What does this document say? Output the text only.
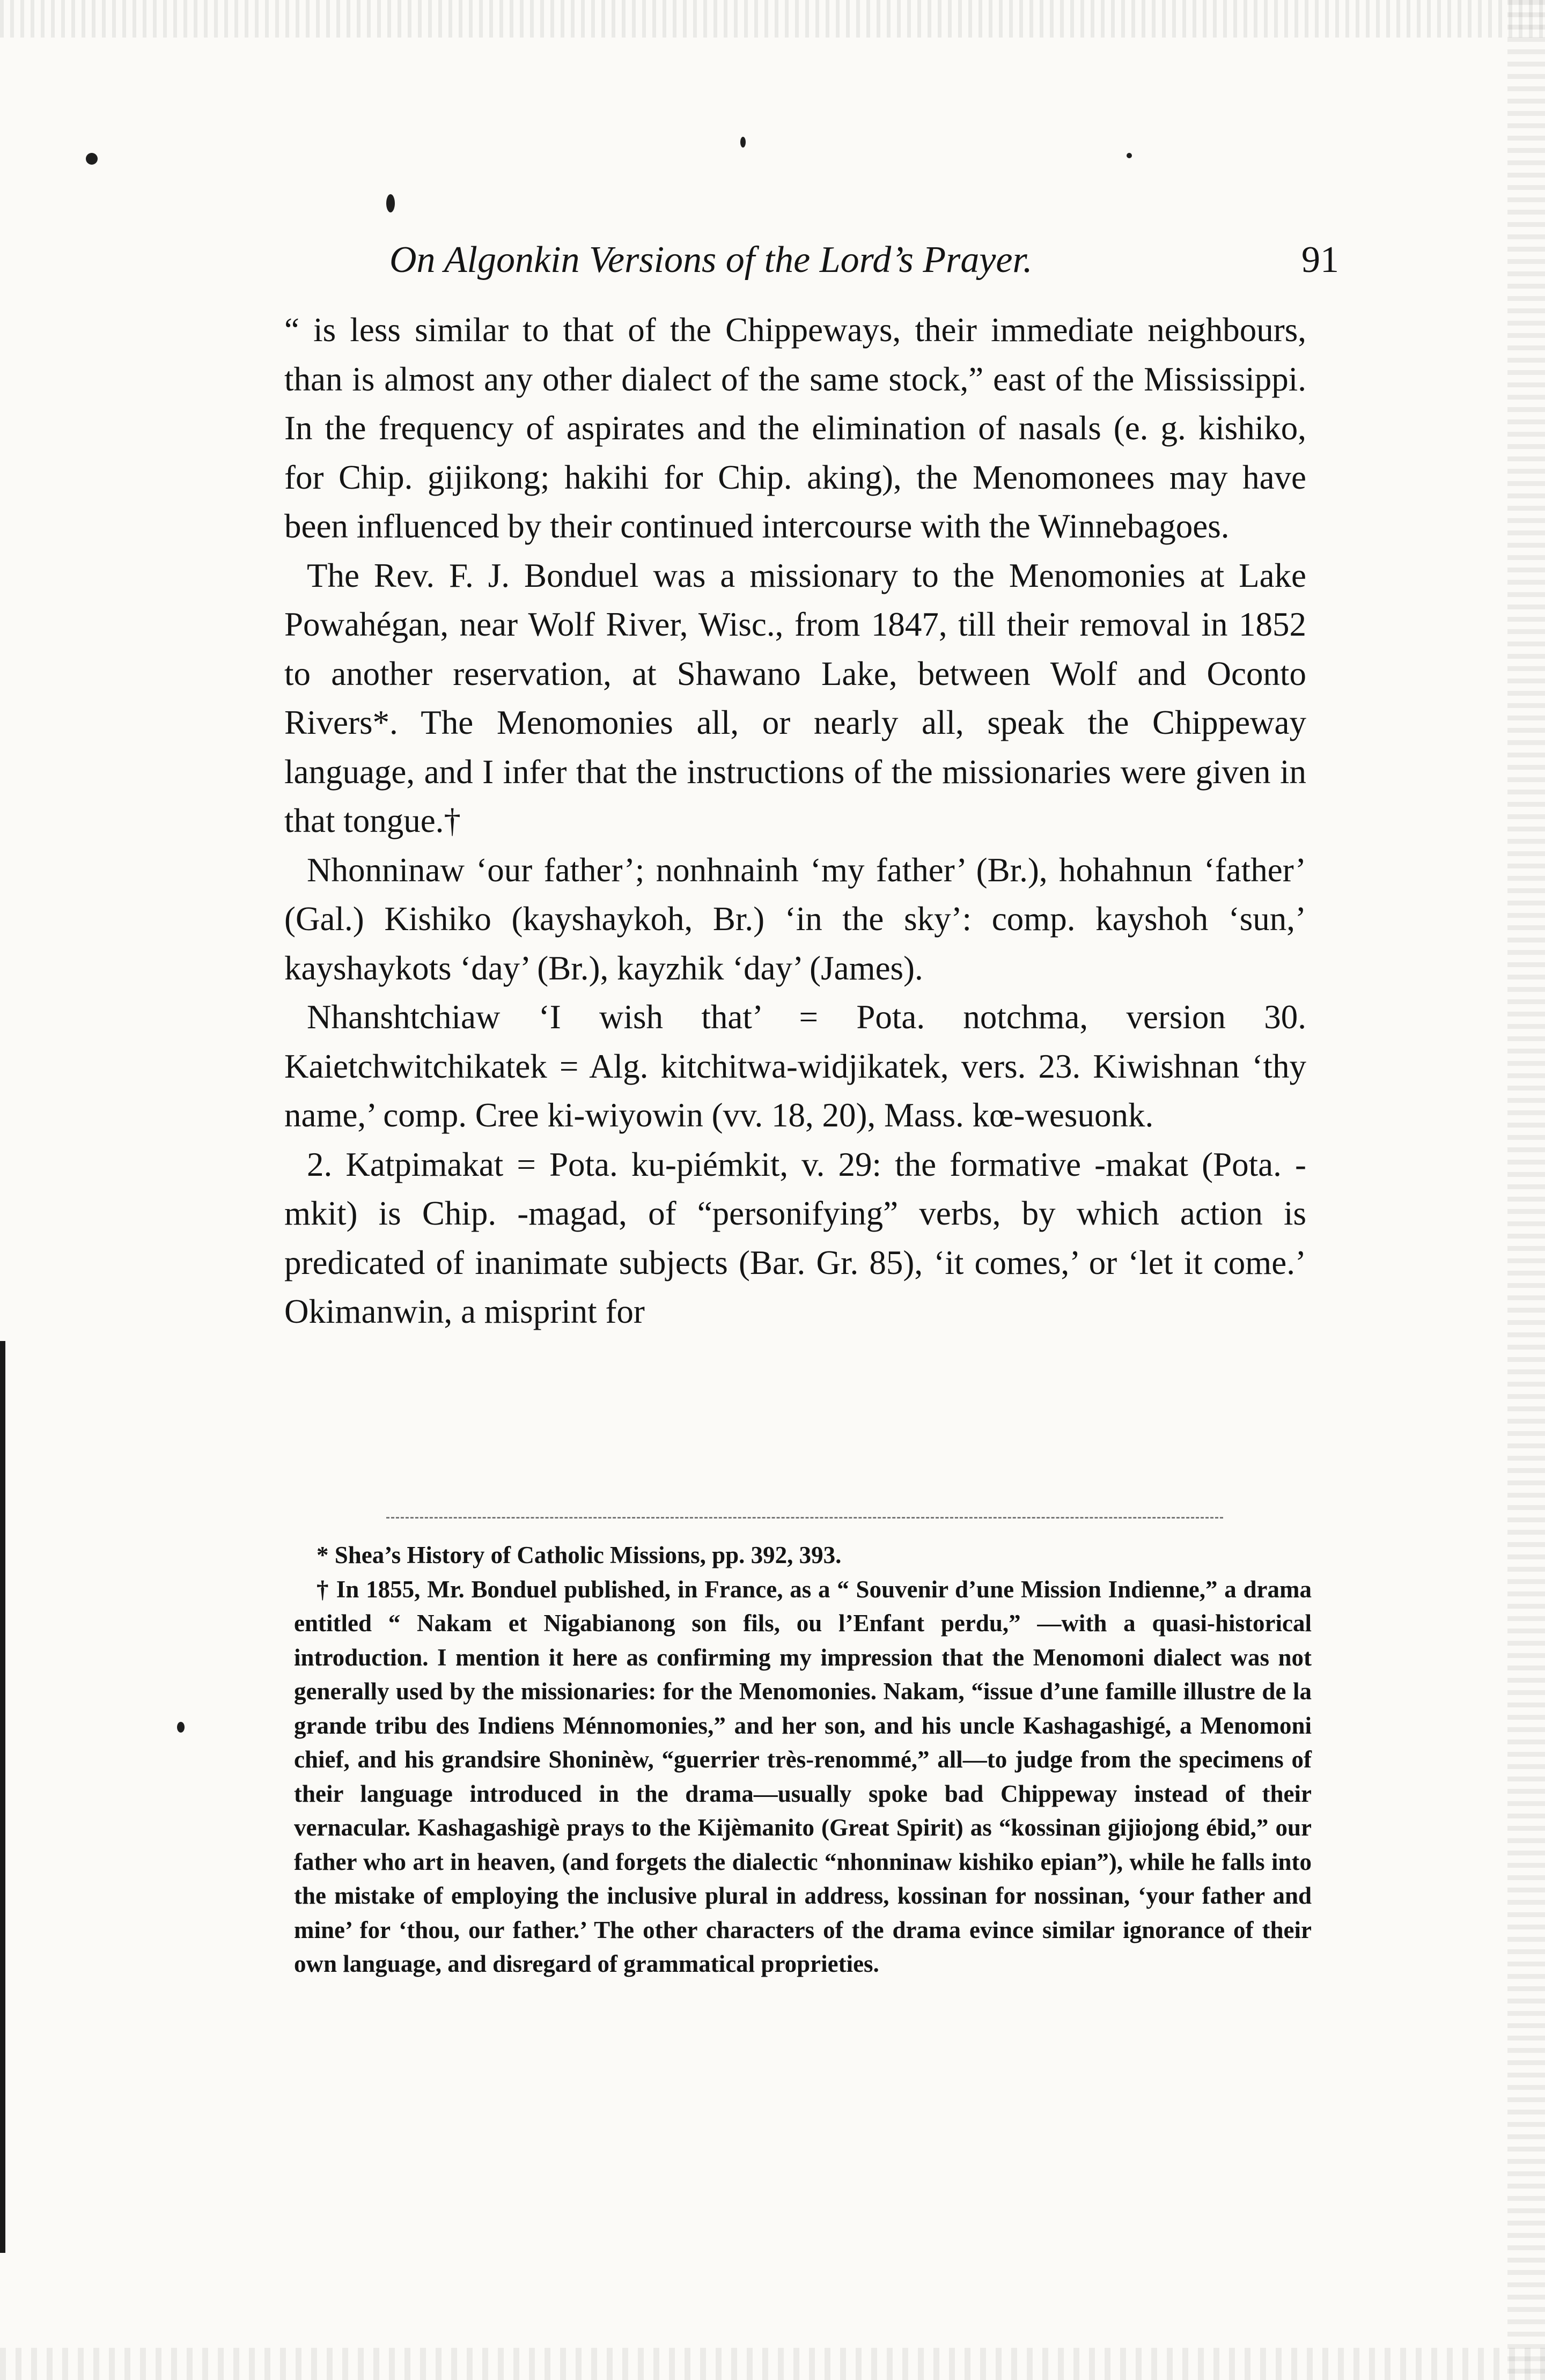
On Algonkin Versions of the Lord’s Prayer.	91

“ is less similar to that of the Chippeways, their immediate neighbours, than is almost any other dialect of the same stock,” east of the Mississippi. In the frequency of aspirates and the elimination of nasals (e. g. kishiko, for Chip. gijikong; hakihi for Chip. aking), the Menomonees may have been influenced by their continued intercourse with the Winnebagoes.

The Rev. F. J. Bonduel was a missionary to the Menomonies at Lake Powahégan, near Wolf River, Wisc., from 1847, till their removal in 1852 to another reservation, at Shawano Lake, between Wolf and Oconto Rivers*. The Menomonies all, or nearly all, speak the Chippeway language, and I infer that the instructions of the missionaries were given in that tongue.†

Nhonninaw ‘our father’; nonhnainh ‘my father’ (Br.), hohahnun ‘father’ (Gal.) Kishiko (kayshaykoh, Br.) ‘in the sky’: comp. kayshoh ‘sun,’ kayshaykots ‘day’ (Br.), kayzhik ‘day’ (James).

Nhanshtchiaw ‘I wish that’ = Pota. notchma, version 30. Kaietchwitchikatek = Alg. kitchitwa-widjikatek, vers. 23. Kiwishnan ‘thy name,’ comp. Cree ki-wiyowin (vv. 18, 20), Mass. kœ-wesuonk.

2. Katpimakat = Pota. ku-piémkit, v. 29: the formative -makat (Pota. -mkit) is Chip. -magad, of “personifying” verbs, by which action is predicated of inanimate subjects (Bar. Gr. 85), ‘it comes,’ or ‘let it come.’ Okimanwin, a misprint for

* Shea’s History of Catholic Missions, pp. 392, 393.

† In 1855, Mr. Bonduel published, in France, as a “ Souvenir d’une Mission Indienne,” a drama entitled “ Nakam et Nigabianong son fils, ou l’Enfant perdu,” —with a quasi-historical introduction. I mention it here as confirming my impression that the Menomoni dialect was not generally used by the missionaries: for the Menomonies. Nakam, “issue d’une famille illustre de la grande tribu des Indiens Ménnomonies,” and her son, and his uncle Kashagashigé, a Menomoni chief, and his grandsire Shoninèw, “guerrier très-renommé,” all—to judge from the specimens of their language introduced in the drama—usually spoke bad Chippeway instead of their vernacular. Kashagashigè prays to the Kijèmanito (Great Spirit) as “kossinan gijiojong ébid,” our father who art in heaven, (and forgets the dialectic “nhonninaw kishiko epian”), while he falls into the mistake of employing the inclusive plural in address, kossinan for nossinan, ‘your father and mine’ for ‘thou, our father.’ The other characters of the drama evince similar ignorance of their own language, and disregard of grammatical proprieties.
